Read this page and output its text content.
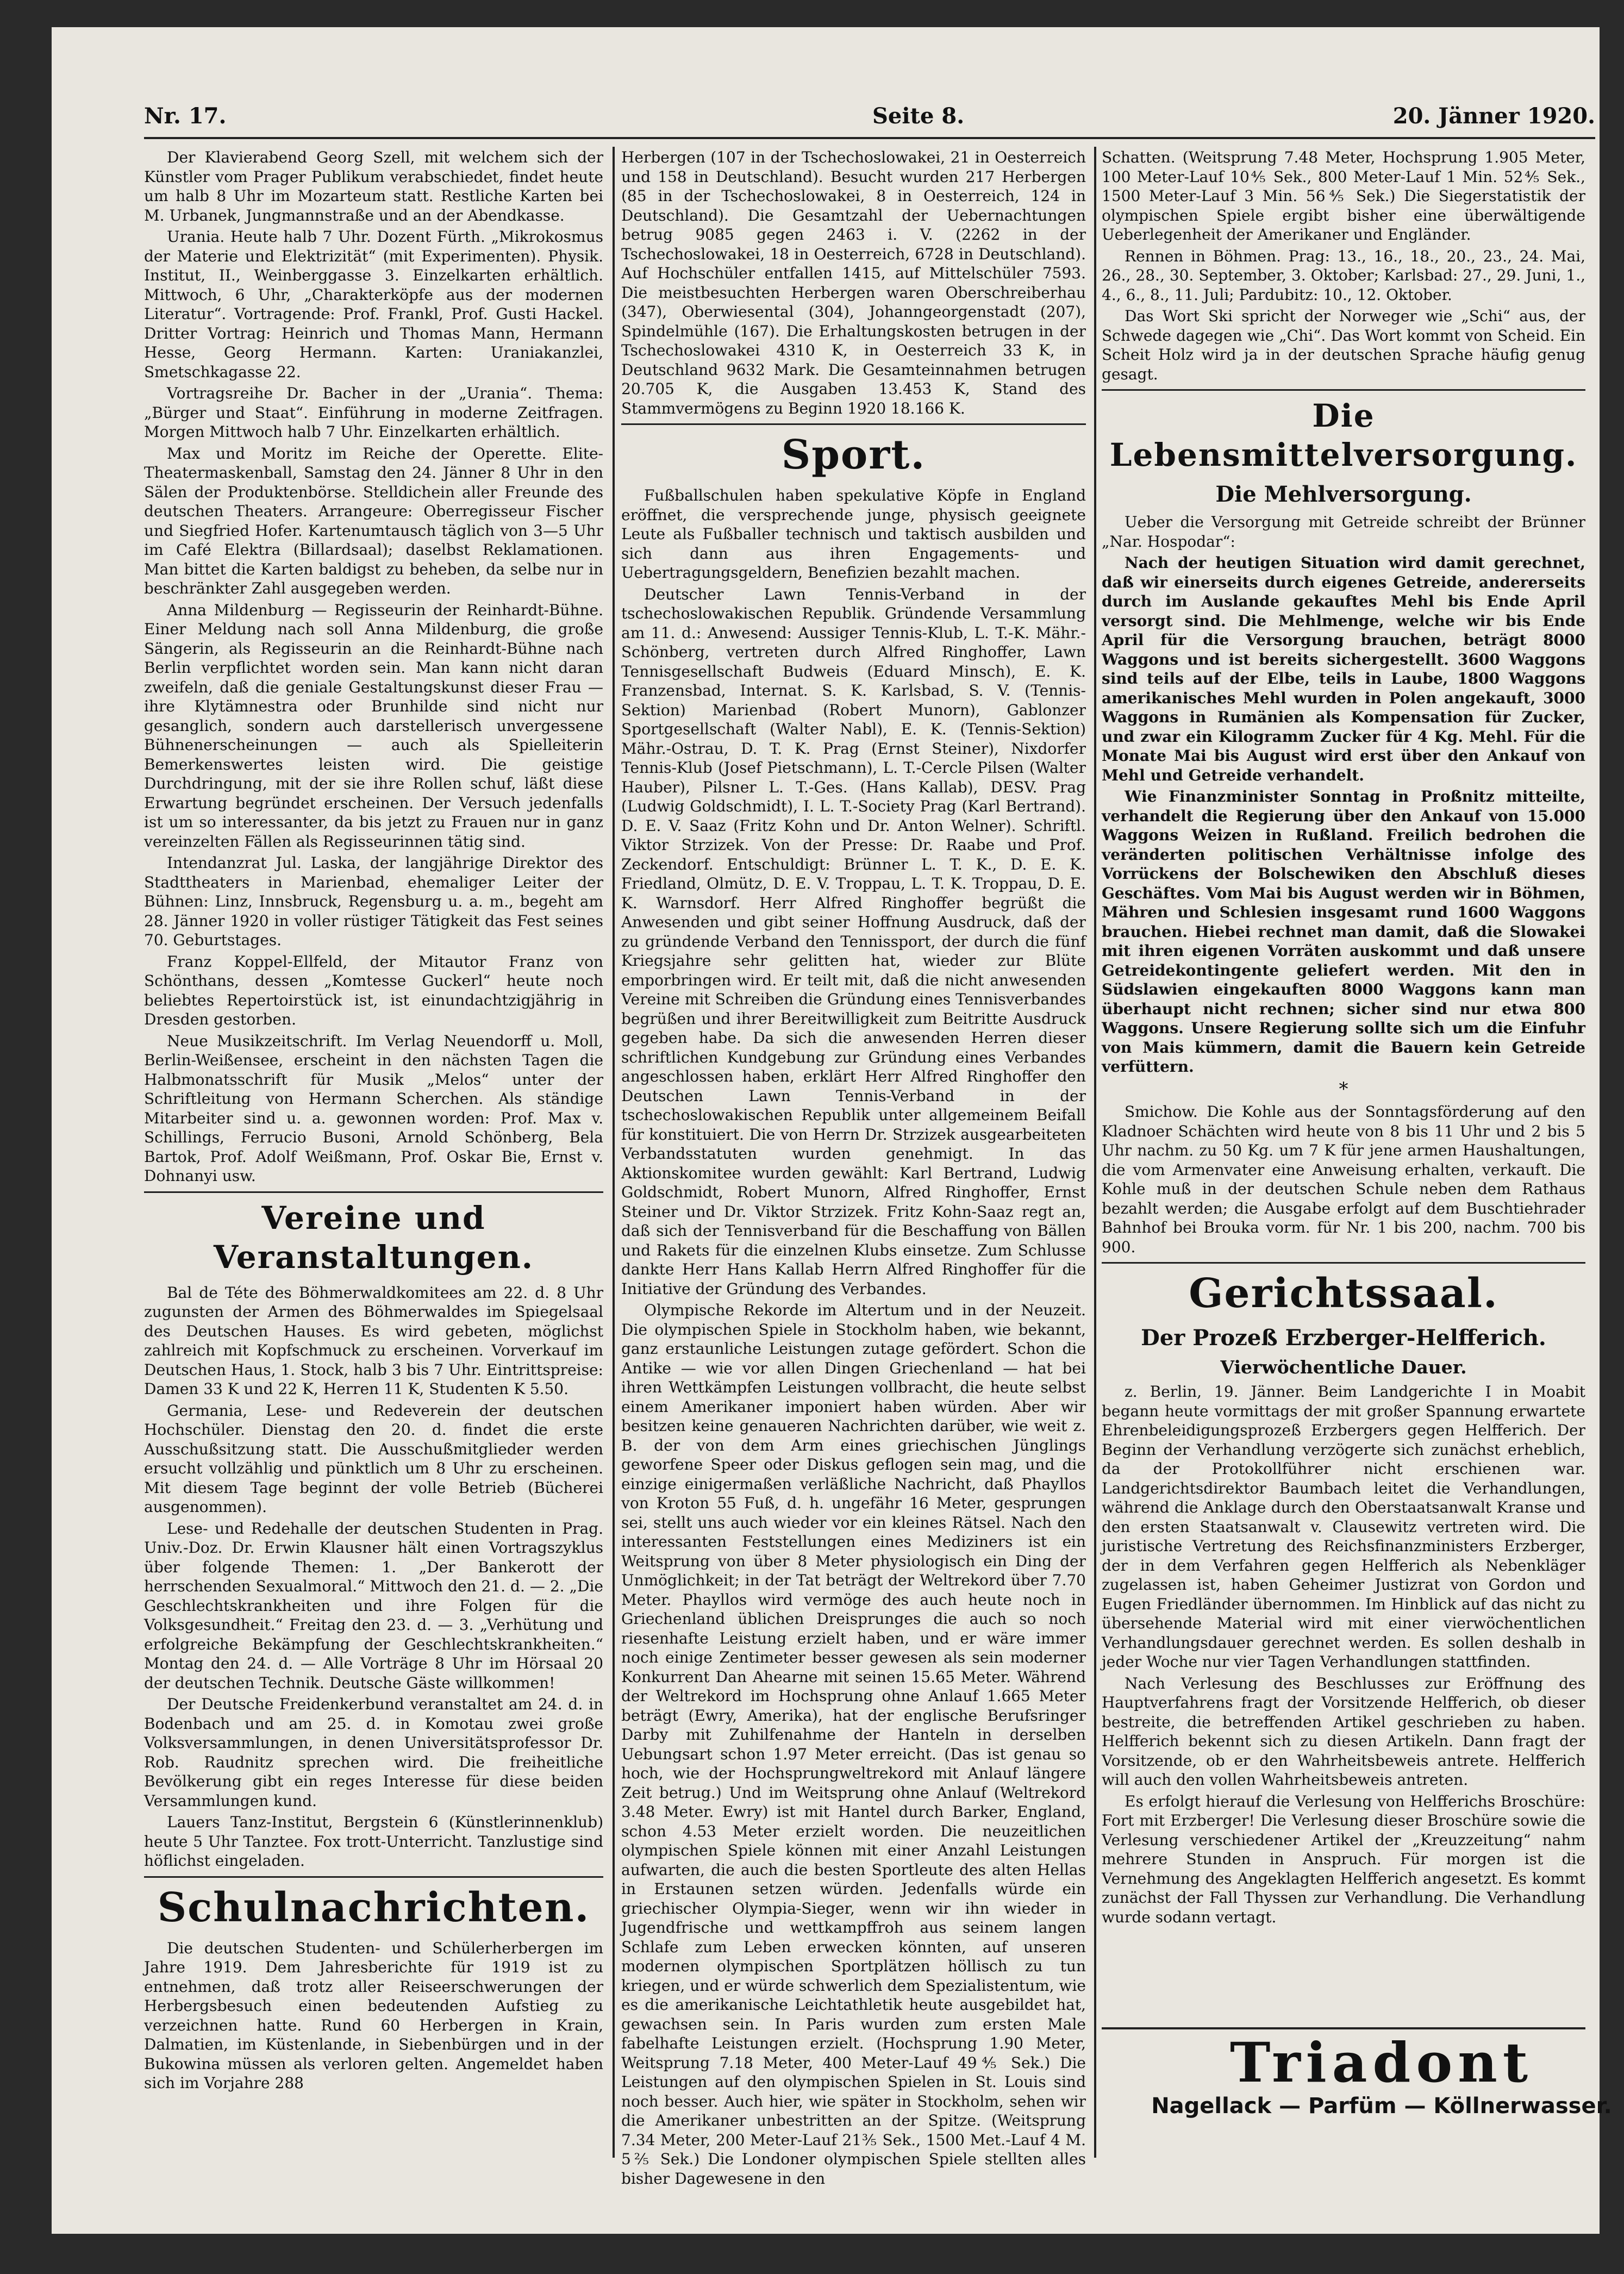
Nr. 17.	Seite 8.	20. Jänner 1920.

Der Klavierabend Georg Szell, mit welchem sich der Künstler vom Prager Publikum verabschiedet, findet heute um halb 8 Uhr im Mozarteum statt. Restliche Karten bei M. Urbanek, Jungmannstraße und an der Abendkasse.

Urania. Heute halb 7 Uhr. Dozent Fürth. „Mikrokosmus der Materie und Elektrizität“ (mit Experimenten). Physik. Institut, II., Weinberggasse 3. Einzelkarten erhältlich. Mittwoch, 6 Uhr, „Charakterköpfe aus der modernen Literatur“. Vortragende: Prof. Frankl, Prof. Gusti Hackel. Dritter Vortrag: Heinrich und Thomas Mann, Hermann Hesse, Georg Hermann. Karten: Uraniakanzlei, Smetschkagasse 22.

Vortragsreihe Dr. Bacher in der „Urania“. Thema: „Bürger und Staat“. Einführung in moderne Zeitfragen. Morgen Mittwoch halb 7 Uhr. Einzelkarten erhältlich.

Max und Moritz im Reiche der Operette. Elite-Theatermaskenball, Samstag den 24. Jänner 8 Uhr in den Sälen der Produktenbörse. Stelldichein aller Freunde des deutschen Theaters. Arrangeure: Oberregisseur Fischer und Siegfried Hofer. Kartenumtausch täglich von 3—5 Uhr im Café Elektra (Billardsaal); daselbst Reklamationen. Man bittet die Karten baldigst zu beheben, da selbe nur in beschränkter Zahl ausgegeben werden.

Anna Mildenburg — Regisseurin der Reinhardt-Bühne. Einer Meldung nach soll Anna Mildenburg, die große Sängerin, als Regisseurin an die Reinhardt-Bühne nach Berlin verpflichtet worden sein. Man kann nicht daran zweifeln, daß die geniale Gestaltungskunst dieser Frau — ihre Klytämnestra oder Brunhilde sind nicht nur gesanglich, sondern auch darstellerisch unvergessene Bühnenerscheinungen — auch als Spielleiterin Bemerkenswertes leisten wird. Die geistige Durchdringung, mit der sie ihre Rollen schuf, läßt diese Erwartung begründet erscheinen. Der Versuch jedenfalls ist um so interessanter, da bis jetzt zu Frauen nur in ganz vereinzelten Fällen als Regisseurinnen tätig sind.

Intendanzrat Jul. Laska, der langjährige Direktor des Stadttheaters in Marienbad, ehemaliger Leiter der Bühnen: Linz, Innsbruck, Regensburg u. a. m., begeht am 28. Jänner 1920 in voller rüstiger Tätigkeit das Fest seines 70. Geburtstages.

Franz Koppel-Ellfeld, der Mitautor Franz von Schönthans, dessen „Komtesse Guckerl“ heute noch beliebtes Repertoirstück ist, ist einundachtzigjährig in Dresden gestorben.

Neue Musikzeitschrift. Im Verlag Neuendorff u. Moll, Berlin-Weißensee, erscheint in den nächsten Tagen die Halbmonatsschrift für Musik „Melos“ unter der Schriftleitung von Hermann Scherchen. Als ständige Mitarbeiter sind u. a. gewonnen worden: Prof. Max v. Schillings, Ferrucio Busoni, Arnold Schönberg, Bela Bartok, Prof. Adolf Weißmann, Prof. Oskar Bie, Ernst v. Dohnanyi usw.

Vereine und Veranstaltungen.

Bal de Téte des Böhmerwaldkomitees am 22. d. 8 Uhr zugunsten der Armen des Böhmerwaldes im Spiegelsaal des Deutschen Hauses. Es wird gebeten, möglichst zahlreich mit Kopfschmuck zu erscheinen. Vorverkauf im Deutschen Haus, 1. Stock, halb 3 bis 7 Uhr. Eintrittspreise: Damen 33 K und 22 K, Herren 11 K, Studenten K 5.50.

Germania, Lese- und Redeverein der deutschen Hochschüler. Dienstag den 20. d. findet die erste Ausschußsitzung statt. Die Ausschußmitglieder werden ersucht vollzählig und pünktlich um 8 Uhr zu erscheinen. Mit diesem Tage beginnt der volle Betrieb (Bücherei ausgenommen).

Lese- und Redehalle der deutschen Studenten in Prag. Univ.-Doz. Dr. Erwin Klausner hält einen Vortragszyklus über folgende Themen: 1. „Der Bankerott der herrschenden Sexualmoral.“ Mittwoch den 21. d. — 2. „Die Geschlechtskrankheiten und ihre Folgen für die Volksgesundheit.“ Freitag den 23. d. — 3. „Verhütung und erfolgreiche Bekämpfung der Geschlechtskrankheiten.“ Montag den 24. d. — Alle Vorträge 8 Uhr im Hörsaal 20 der deutschen Technik. Deutsche Gäste willkommen!

Der Deutsche Freidenkerbund veranstaltet am 24. d. in Bodenbach und am 25. d. in Komotau zwei große Volksversammlungen, in denen Universitätsprofessor Dr. Rob. Raudnitz sprechen wird. Die freiheitliche Bevölkerung gibt ein reges Interesse für diese beiden Versammlungen kund.

Lauers Tanz-Institut, Bergstein 6 (Künstlerinnenklub) heute 5 Uhr Tanztee. Fox trott-Unterricht. Tanzlustige sind höflichst eingeladen.

Schulnachrichten.

Die deutschen Studenten- und Schülerherbergen im Jahre 1919. Dem Jahresberichte für 1919 ist zu entnehmen, daß trotz aller Reiseerschwerungen der Herbergsbesuch einen bedeutenden Aufstieg zu verzeichnen hatte. Rund 60 Herbergen in Krain, Dalmatien, im Küstenlande, in Siebenbürgen und in der Bukowina müssen als verloren gelten. Angemeldet haben sich im Vorjahre 288

Herbergen (107 in der Tschechoslowakei, 21 in Oesterreich und 158 in Deutschland). Besucht wurden 217 Herbergen (85 in der Tschechoslowakei, 8 in Oesterreich, 124 in Deutschland). Die Gesamtzahl der Uebernachtungen betrug 9085 gegen 2463 i. V. (2262 in der Tschechoslowakei, 18 in Oesterreich, 6728 in Deutschland). Auf Hochschüler entfallen 1415, auf Mittelschüler 7593. Die meistbesuchten Herbergen waren Oberschreiberhau (347), Oberwiesental (304), Johanngeorgenstadt (207), Spindelmühle (167). Die Erhaltungskosten betrugen in der Tschechoslowakei 4310 K, in Oesterreich 33 K, in Deutschland 9632 Mark. Die Gesamteinnahmen betrugen 20.705 K, die Ausgaben 13.453 K, Stand des Stammvermögens zu Beginn 1920 18.166 K.

Sport.

Fußballschulen haben spekulative Köpfe in England eröffnet, die versprechende junge, physisch geeignete Leute als Fußballer technisch und taktisch ausbilden und sich dann aus ihren Engagements- und Uebertragungsgeldern, Benefizien bezahlt machen.

Deutscher Lawn Tennis-Verband in der tschechoslowakischen Republik. Gründende Versammlung am 11. d.: Anwesend: Aussiger Tennis-Klub, L. T.-K. Mähr.-Schönberg, vertreten durch Alfred Ringhoffer, Lawn Tennisgesellschaft Budweis (Eduard Minsch), E. K. Franzensbad, Internat. S. K. Karlsbad, S. V. (Tennis-Sektion) Marienbad (Robert Munorn), Gablonzer Sportgesellschaft (Walter Nabl), E. K. (Tennis-Sektion) Mähr.-Ostrau, D. T. K. Prag (Ernst Steiner), Nixdorfer Tennis-Klub (Josef Pietschmann), L. T.-Cercle Pilsen (Walter Hauber), Pilsner L. T.-Ges. (Hans Kallab), DESV. Prag (Ludwig Goldschmidt), I. L. T.-Society Prag (Karl Bertrand). D. E. V. Saaz (Fritz Kohn und Dr. Anton Welner). Schriftl. Viktor Strzizek. Von der Presse: Dr. Raabe und Prof. Zeckendorf. Entschuldigt: Brünner L. T. K., D. E. K. Friedland, Olmütz, D. E. V. Troppau, L. T. K. Troppau, D. E. K. Warnsdorf. Herr Alfred Ringhoffer begrüßt die Anwesenden und gibt seiner Hoffnung Ausdruck, daß der zu gründende Verband den Tennissport, der durch die fünf Kriegsjahre sehr gelitten hat, wieder zur Blüte emporbringen wird. Er teilt mit, daß die nicht anwesenden Vereine mit Schreiben die Gründung eines Tennisverbandes begrüßen und ihrer Bereitwilligkeit zum Beitritte Ausdruck gegeben habe. Da sich die anwesenden Herren dieser schriftlichen Kundgebung zur Gründung eines Verbandes angeschlossen haben, erklärt Herr Alfred Ringhoffer den Deutschen Lawn Tennis-Verband in der tschechoslowakischen Republik unter allgemeinem Beifall für konstituiert. Die von Herrn Dr. Strzizek ausgearbeiteten Verbandsstatuten wurden genehmigt. In das Aktionskomitee wurden gewählt: Karl Bertrand, Ludwig Goldschmidt, Robert Munorn, Alfred Ringhoffer, Ernst Steiner und Dr. Viktor Strzizek. Fritz Kohn-Saaz regt an, daß sich der Tennisverband für die Beschaffung von Bällen und Rakets für die einzelnen Klubs einsetze. Zum Schlusse dankte Herr Hans Kallab Herrn Alfred Ringhoffer für die Initiative der Gründung des Verbandes.

Olympische Rekorde im Altertum und in der Neuzeit. Die olympischen Spiele in Stockholm haben, wie bekannt, ganz erstaunliche Leistungen zutage gefördert. Schon die Antike — wie vor allen Dingen Griechenland — hat bei ihren Wettkämpfen Leistungen vollbracht, die heute selbst einem Amerikaner imponiert haben würden. Aber wir besitzen keine genaueren Nachrichten darüber, wie weit z. B. der von dem Arm eines griechischen Jünglings geworfene Speer oder Diskus geflogen sein mag, und die einzige einigermaßen verläßliche Nachricht, daß Phayllos von Kroton 55 Fuß, d. h. ungefähr 16 Meter, gesprungen sei, stellt uns auch wieder vor ein kleines Rätsel. Nach den interessanten Feststellungen eines Mediziners ist ein Weitsprung von über 8 Meter physiologisch ein Ding der Unmöglichkeit; in der Tat beträgt der Weltrekord über 7.70 Meter. Phayllos wird vermöge des auch heute noch in Griechenland üblichen Dreisprunges die auch so noch riesenhafte Leistung erzielt haben, und er wäre immer noch einige Zentimeter besser gewesen als sein moderner Konkurrent Dan Ahearne mit seinen 15.65 Meter. Während der Weltrekord im Hochsprung ohne Anlauf 1.665 Meter beträgt (Ewry, Amerika), hat der englische Berufsringer Darby mit Zuhilfenahme der Hanteln in derselben Uebungsart schon 1.97 Meter erreicht. (Das ist genau so hoch, wie der Hochsprungweltrekord mit Anlauf längere Zeit betrug.) Und im Weitsprung ohne Anlauf (Weltrekord 3.48 Meter. Ewry) ist mit Hantel durch Barker, England, schon 4.53 Meter erzielt worden. Die neuzeitlichen olympischen Spiele können mit einer Anzahl Leistungen aufwarten, die auch die besten Sportleute des alten Hellas in Erstaunen setzen würden. Jedenfalls würde ein griechischer Olympia-Sieger, wenn wir ihn wieder in Jugendfrische und wettkampffroh aus seinem langen Schlafe zum Leben erwecken könnten, auf unseren modernen olympischen Sportplätzen höllisch zu tun kriegen, und er würde schwerlich dem Spezialistentum, wie es die amerikanische Leichtathletik heute ausgebildet hat, gewachsen sein. In Paris wurden zum ersten Male fabelhafte Leistungen erzielt. (Hochsprung 1.90 Meter, Weitsprung 7.18 Meter, 400 Meter-Lauf 49⅘ Sek.) Die Leistungen auf den olympischen Spielen in St. Louis sind noch besser. Auch hier, wie später in Stockholm, sehen wir die Amerikaner unbestritten an der Spitze. (Weitsprung 7.34 Meter, 200 Meter-Lauf 21⅗ Sek., 1500 Met.-Lauf 4 M. 5⅖ Sek.) Die Londoner olympischen Spiele stellten alles bisher Dagewesene in den

Schatten. (Weitsprung 7.48 Meter, Hochsprung 1.905 Meter, 100 Meter-Lauf 10⅘ Sek., 800 Meter-Lauf 1 Min. 52⅘ Sek., 1500 Meter-Lauf 3 Min. 56⅘ Sek.) Die Siegerstatistik der olympischen Spiele ergibt bisher eine überwältigende Ueberlegenheit der Amerikaner und Engländer.

Rennen in Böhmen. Prag: 13., 16., 18., 20., 23., 24. Mai, 26., 28., 30. September, 3. Oktober; Karlsbad: 27., 29. Juni, 1., 4., 6., 8., 11. Juli; Pardubitz: 10., 12. Oktober.

Das Wort Ski spricht der Norweger wie „Schi“ aus, der Schwede dagegen wie „Chi“. Das Wort kommt von Scheid. Ein Scheit Holz wird ja in der deutschen Sprache häufig genug gesagt.

Die Lebensmittelversorgung.
Die Mehlversorgung.

Ueber die Versorgung mit Getreide schreibt der Brünner „Nar. Hospodar“:

Nach der heutigen Situation wird damit gerechnet, daß wir einerseits durch eigenes Getreide, andererseits durch im Auslande gekauftes Mehl bis Ende April versorgt sind. Die Mehlmenge, welche wir bis Ende April für die Versorgung brauchen, beträgt 8000 Waggons und ist bereits sichergestellt. 3600 Waggons sind teils auf der Elbe, teils in Laube, 1800 Waggons amerikanisches Mehl wurden in Polen angekauft, 3000 Waggons in Rumänien als Kompensation für Zucker, und zwar ein Kilogramm Zucker für 4 Kg. Mehl. Für die Monate Mai bis August wird erst über den Ankauf von Mehl und Getreide verhandelt.

Wie Finanzminister Sonntag in Proßnitz mitteilte, verhandelt die Regierung über den Ankauf von 15.000 Waggons Weizen in Rußland. Freilich bedrohen die veränderten politischen Verhältnisse infolge des Vorrückens der Bolschewiken den Abschluß dieses Geschäftes. Vom Mai bis August werden wir in Böhmen, Mähren und Schlesien insgesamt rund 1600 Waggons brauchen. Hiebei rechnet man damit, daß die Slowakei mit ihren eigenen Vorräten auskommt und daß unsere Getreidekontingente geliefert werden. Mit den in Südslawien eingekauften 8000 Waggons kann man überhaupt nicht rechnen; sicher sind nur etwa 800 Waggons. Unsere Regierung sollte sich um die Einfuhr von Mais kümmern, damit die Bauern kein Getreide verfüttern.

*

Smichow. Die Kohle aus der Sonntagsförderung auf den Kladnoer Schächten wird heute von 8 bis 11 Uhr und 2 bis 5 Uhr nachm. zu 50 Kg. um 7 K für jene armen Haushaltungen, die vom Armenvater eine Anweisung erhalten, verkauft. Die Kohle muß in der deutschen Schule neben dem Rathaus bezahlt werden; die Ausgabe erfolgt auf dem Buschtiehrader Bahnhof bei Brouka vorm. für Nr. 1 bis 200, nachm. 700 bis 900.

Gerichtssaal.
Der Prozeß Erzberger-Helfferich.
Vierwöchentliche Dauer.

z. Berlin, 19. Jänner. Beim Landgerichte I in Moabit begann heute vormittags der mit großer Spannung erwartete Ehrenbeleidigungsprozeß Erzbergers gegen Helfferich. Der Beginn der Verhandlung verzögerte sich zunächst erheblich, da der Protokollführer nicht erschienen war. Landgerichtsdirektor Baumbach leitet die Verhandlungen, während die Anklage durch den Oberstaatsanwalt Kranse und den ersten Staatsanwalt v. Clausewitz vertreten wird. Die juristische Vertretung des Reichsfinanzministers Erzberger, der in dem Verfahren gegen Helfferich als Nebenkläger zugelassen ist, haben Geheimer Justizrat von Gordon und Eugen Friedländer übernommen. Im Hinblick auf das nicht zu übersehende Material wird mit einer vierwöchentlichen Verhandlungsdauer gerechnet werden. Es sollen deshalb in jeder Woche nur vier Tagen Verhandlungen stattfinden.

Nach Verlesung des Beschlusses zur Eröffnung des Hauptverfahrens fragt der Vorsitzende Helfferich, ob dieser bestreite, die betreffenden Artikel geschrieben zu haben. Helfferich bekennt sich zu diesen Artikeln. Dann fragt der Vorsitzende, ob er den Wahrheitsbeweis antrete. Helfferich will auch den vollen Wahrheitsbeweis antreten.

Es erfolgt hierauf die Verlesung von Helfferichs Broschüre: Fort mit Erzberger! Die Verlesung dieser Broschüre sowie die Verlesung verschiedener Artikel der „Kreuzzeitung“ nahm mehrere Stunden in Anspruch. Für morgen ist die Vernehmung des Angeklagten Helfferich angesetzt. Es kommt zunächst der Fall Thyssen zur Verhandlung. Die Verhandlung wurde sodann vertagt.

Triadont
Nagellack — Parfüm — Köllnerwasser.
